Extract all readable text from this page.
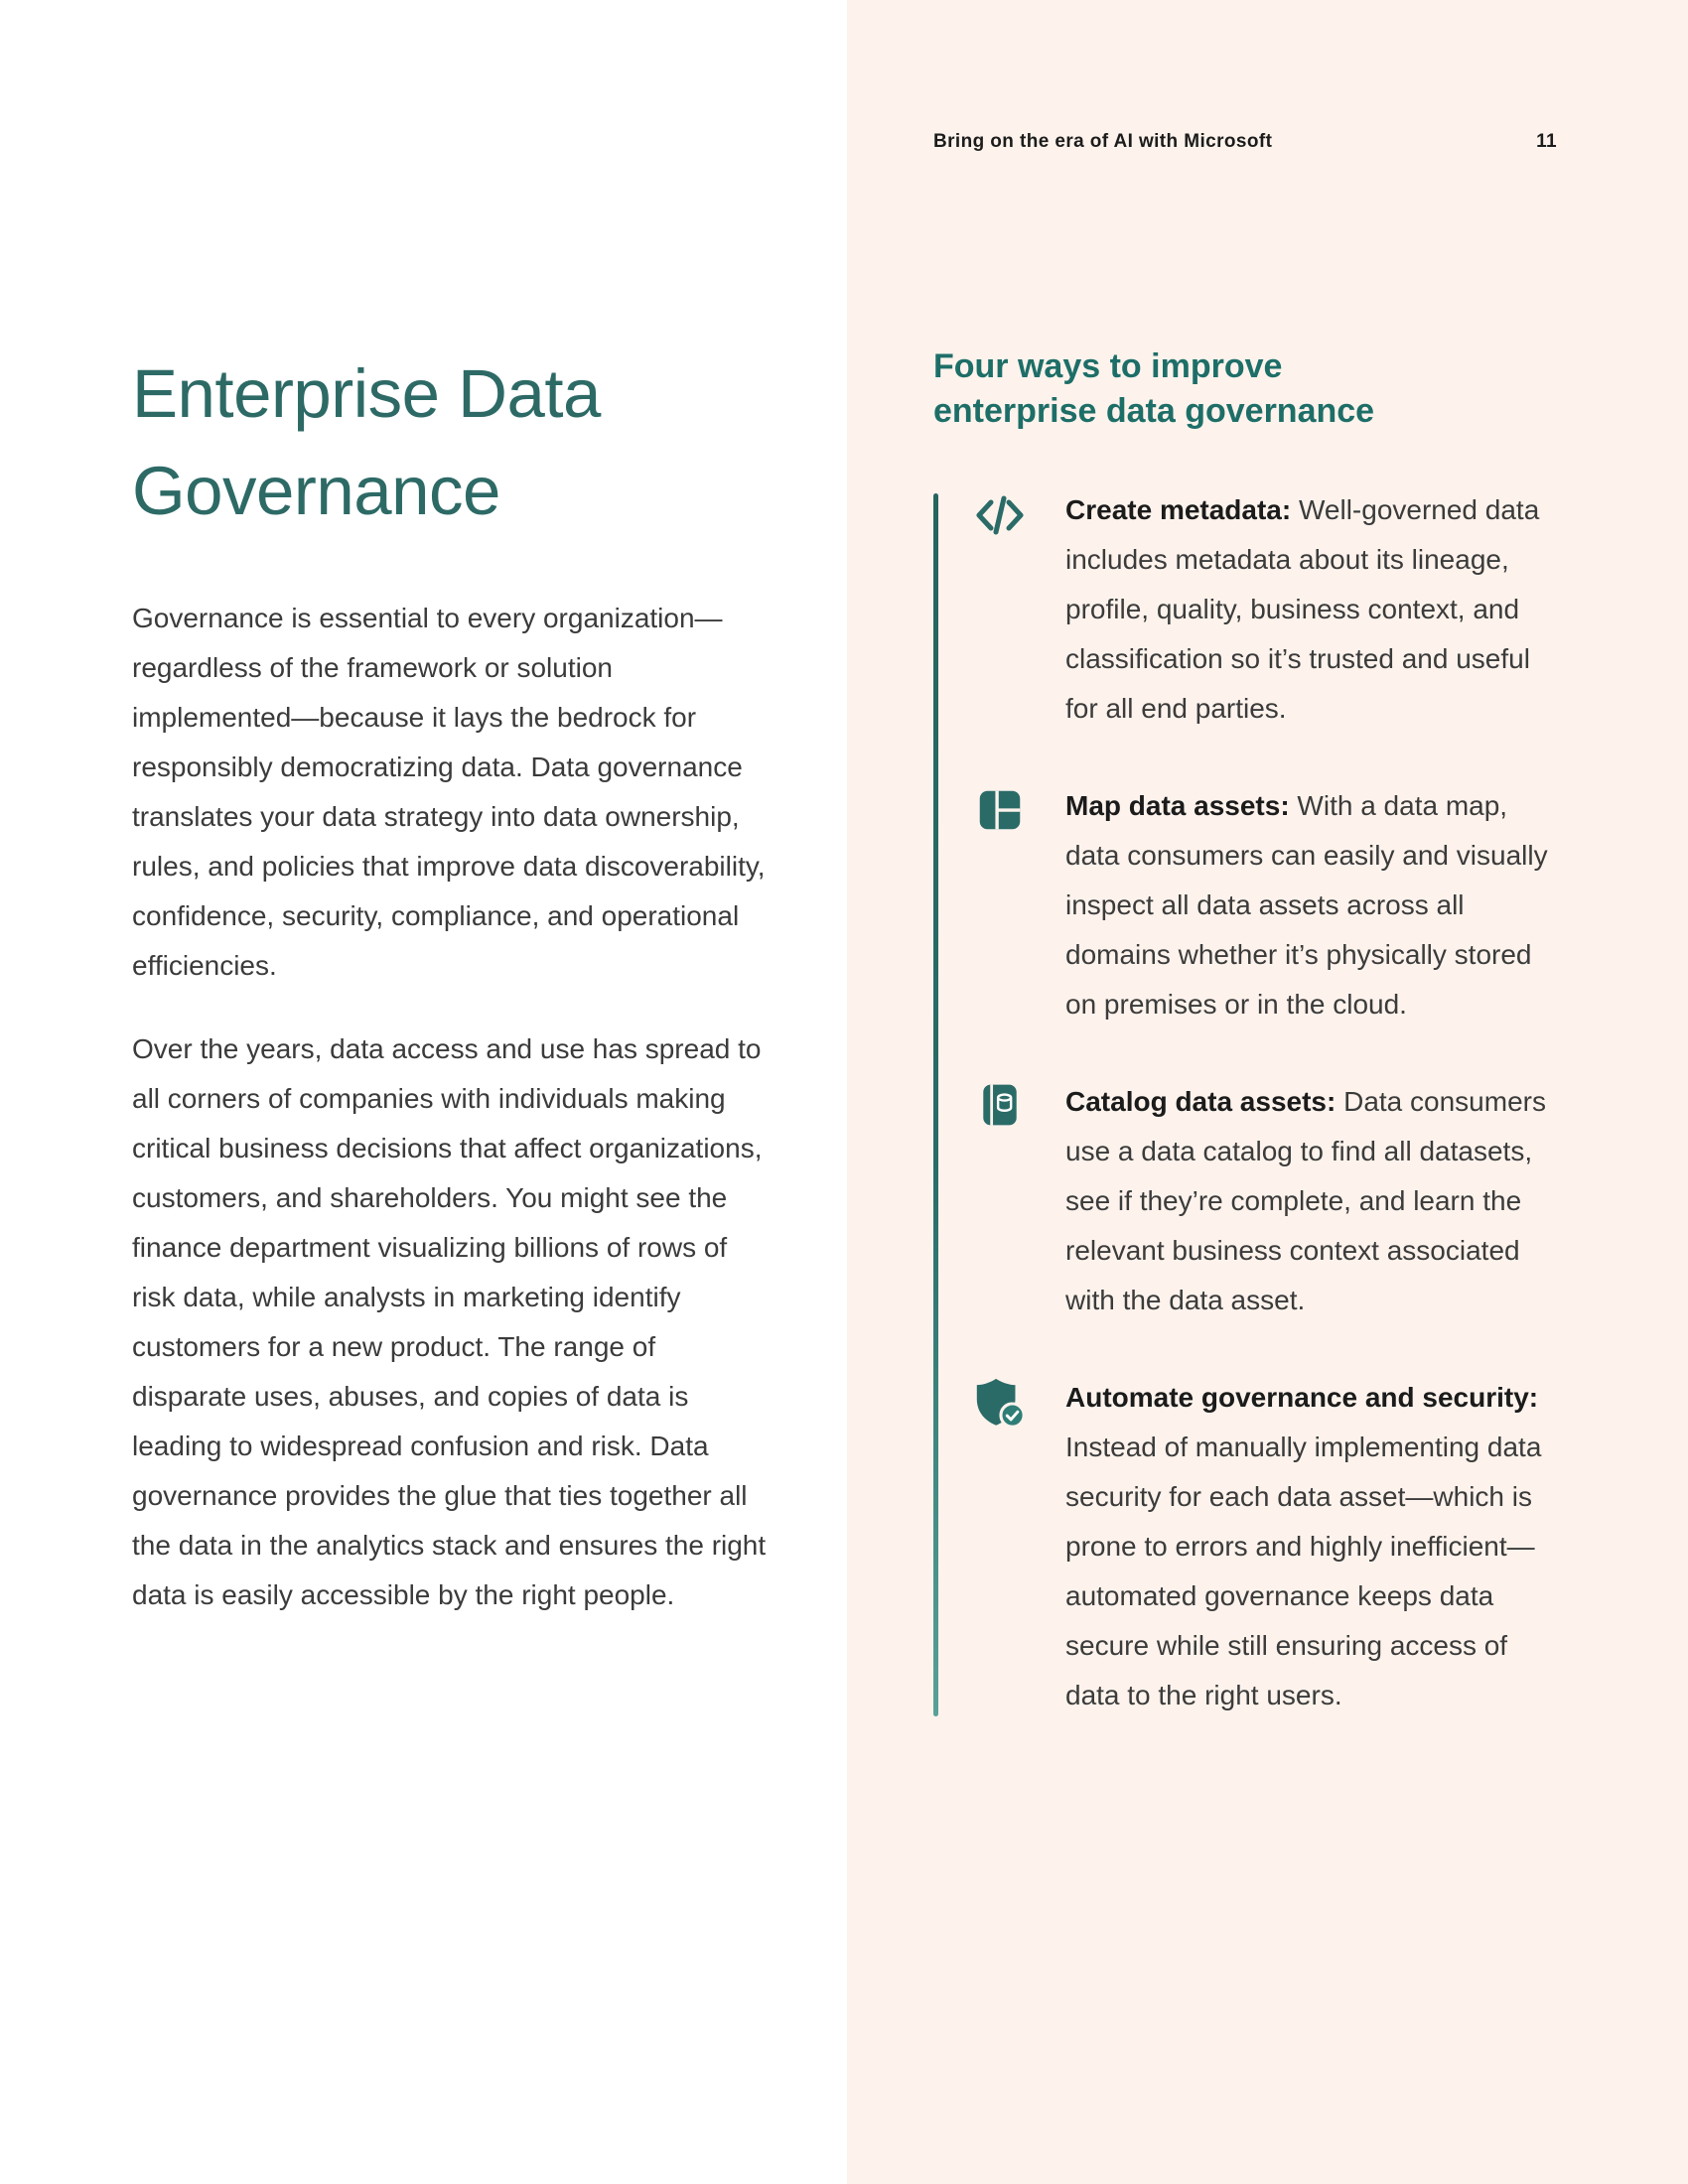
Bring on the era of AI with Microsoft	11
Enterprise Data Governance

Governance is essential to every organization—regardless of the framework or solution implemented—because it lays the bedrock for responsibly democratizing data. Data governance translates your data strategy into data ownership, rules, and policies that improve data discoverability, confidence, security, compliance, and operational efficiencies.

Over the years, data access and use has spread to all corners of companies with individuals making critical business decisions that affect organizations, customers, and shareholders. You might see the finance department visualizing billions of rows of risk data, while analysts in marketing identify customers for a new product. The range of disparate uses, abuses, and copies of data is leading to widespread confusion and risk. Data governance provides the glue that ties together all the data in the analytics stack and ensures the right data is easily accessible by the right people.

Four ways to improve enterprise data governance
Create metadata: Well-governed data includes metadata about its lineage, profile, quality, business context, and classification so it’s trusted and useful for all end parties.
Map data assets: With a data map, data consumers can easily and visually inspect all data assets across all domains whether it’s physically stored on premises or in the cloud.
Catalog data assets: Data consumers use a data catalog to find all datasets, see if they’re complete, and learn the relevant business context associated with the data asset.
Automate governance and security: Instead of manually implementing data security for each data asset—which is prone to errors and highly inefficient—automated governance keeps data secure while still ensuring access of data to the right users.
